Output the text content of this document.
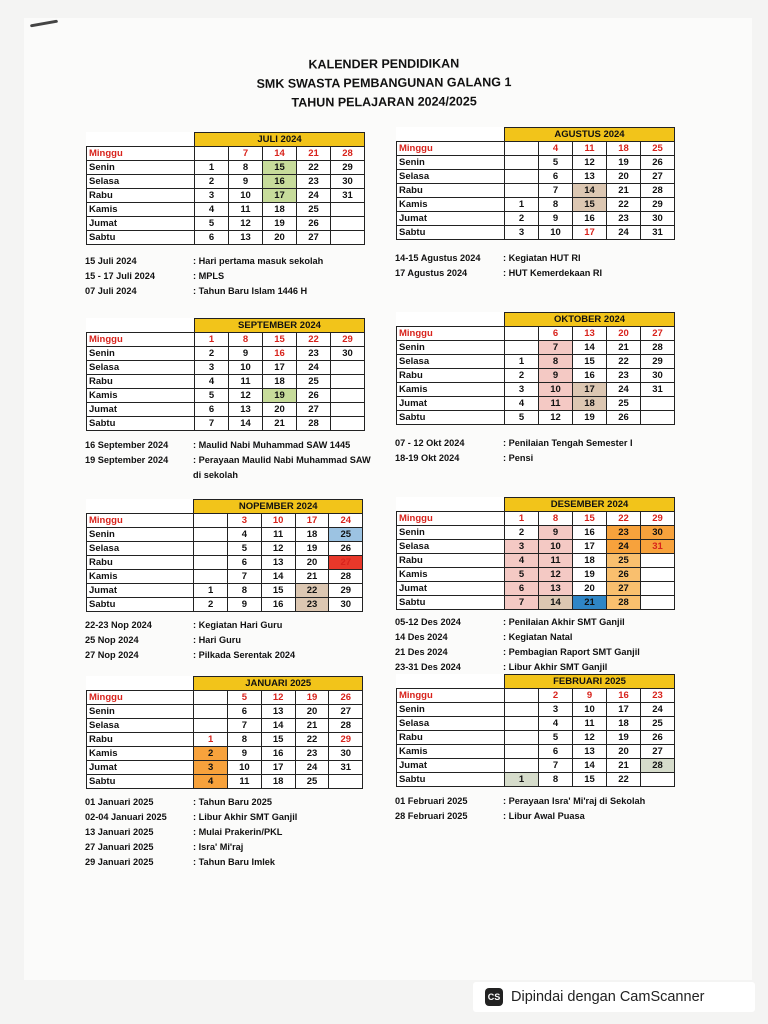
KALENDER PENDIDIKAN
SMK SWASTA PEMBANGUNAN GALANG 1
TAHUN PELAJARAN 2024/2025
	JULI 2024				
Minggu		7	14	21	28
Senin	1	8	15	22	29
Selasa	2	9	16	23	30
Rabu	3	10	17	24	31
Kamis	4	11	18	25	
Jumat	5	12	19	26	
Sabtu	6	13	20	27	
15 Juli 2024	: Hari pertama masuk sekolah
15 - 17 Juli 2024	: MPLS
07 Juli 2024	: Tahun Baru Islam 1446 H
	AGUSTUS 2024				
Minggu		4	11	18	25
Senin		5	12	19	26
Selasa		6	13	20	27
Rabu		7	14	21	28
Kamis	1	8	15	22	29
Jumat	2	9	16	23	30
Sabtu	3	10	17	24	31
14-15 Agustus 2024	: Kegiatan HUT RI
17 Agustus 2024	: HUT Kemerdekaan RI
	SEPTEMBER 2024				
Minggu	1	8	15	22	29
Senin	2	9	16	23	30
Selasa	3	10	17	24	
Rabu	4	11	18	25	
Kamis	5	12	19	26	
Jumat	6	13	20	27	
Sabtu	7	14	21	28	
16 September 2024	: Maulid Nabi Muhammad SAW 1445
19 September 2024	: Perayaan Maulid Nabi Muhammad SAW
di sekolah
	OKTOBER 2024				
Minggu		6	13	20	27
Senin		7	14	21	28
Selasa	1	8	15	22	29
Rabu	2	9	16	23	30
Kamis	3	10	17	24	31
Jumat	4	11	18	25	
Sabtu	5	12	19	26	
07 - 12 Okt 2024	: Penilaian Tengah Semester I
18-19 Okt 2024	: Pensi
	NOPEMBER 2024				
Minggu		3	10	17	24
Senin		4	11	18	25
Selasa		5	12	19	26
Rabu		6	13	20	27
Kamis		7	14	21	28
Jumat	1	8	15	22	29
Sabtu	2	9	16	23	30
22-23 Nop 2024	: Kegiatan Hari Guru
25 Nop 2024	: Hari Guru
27 Nop 2024	: Pilkada Serentak 2024
	DESEMBER 2024				
Minggu	1	8	15	22	29
Senin	2	9	16	23	30
Selasa	3	10	17	24	31
Rabu	4	11	18	25	
Kamis	5	12	19	26	
Jumat	6	13	20	27	
Sabtu	7	14	21	28	
05-12 Des 2024	: Penilaian Akhir SMT Ganjil
14 Des 2024	: Kegiatan Natal
21 Des 2024	: Pembagian Raport SMT Ganjil
23-31 Des 2024	: Libur Akhir SMT Ganjil
	JANUARI 2025				
Minggu		5	12	19	26
Senin		6	13	20	27
Selasa		7	14	21	28
Rabu	1	8	15	22	29
Kamis	2	9	16	23	30
Jumat	3	10	17	24	31
Sabtu	4	11	18	25	
01 Januari 2025	: Tahun Baru 2025
02-04 Januari 2025	: Libur Akhir SMT Ganjil
13 Januari 2025	: Mulai Prakerin/PKL
27 Januari 2025	: Isra' Mi'raj
29 Januari 2025	: Tahun Baru Imlek
	FEBRUARI 2025				
Minggu		2	9	16	23
Senin		3	10	17	24
Selasa		4	11	18	25
Rabu		5	12	19	26
Kamis		6	13	20	27
Jumat		7	14	21	28
Sabtu	1	8	15	22	
01 Februari 2025	: Perayaan Isra' Mi'raj di Sekolah
28 Februari 2025	: Libur Awal Puasa
CS Dipindai dengan CamScanner
